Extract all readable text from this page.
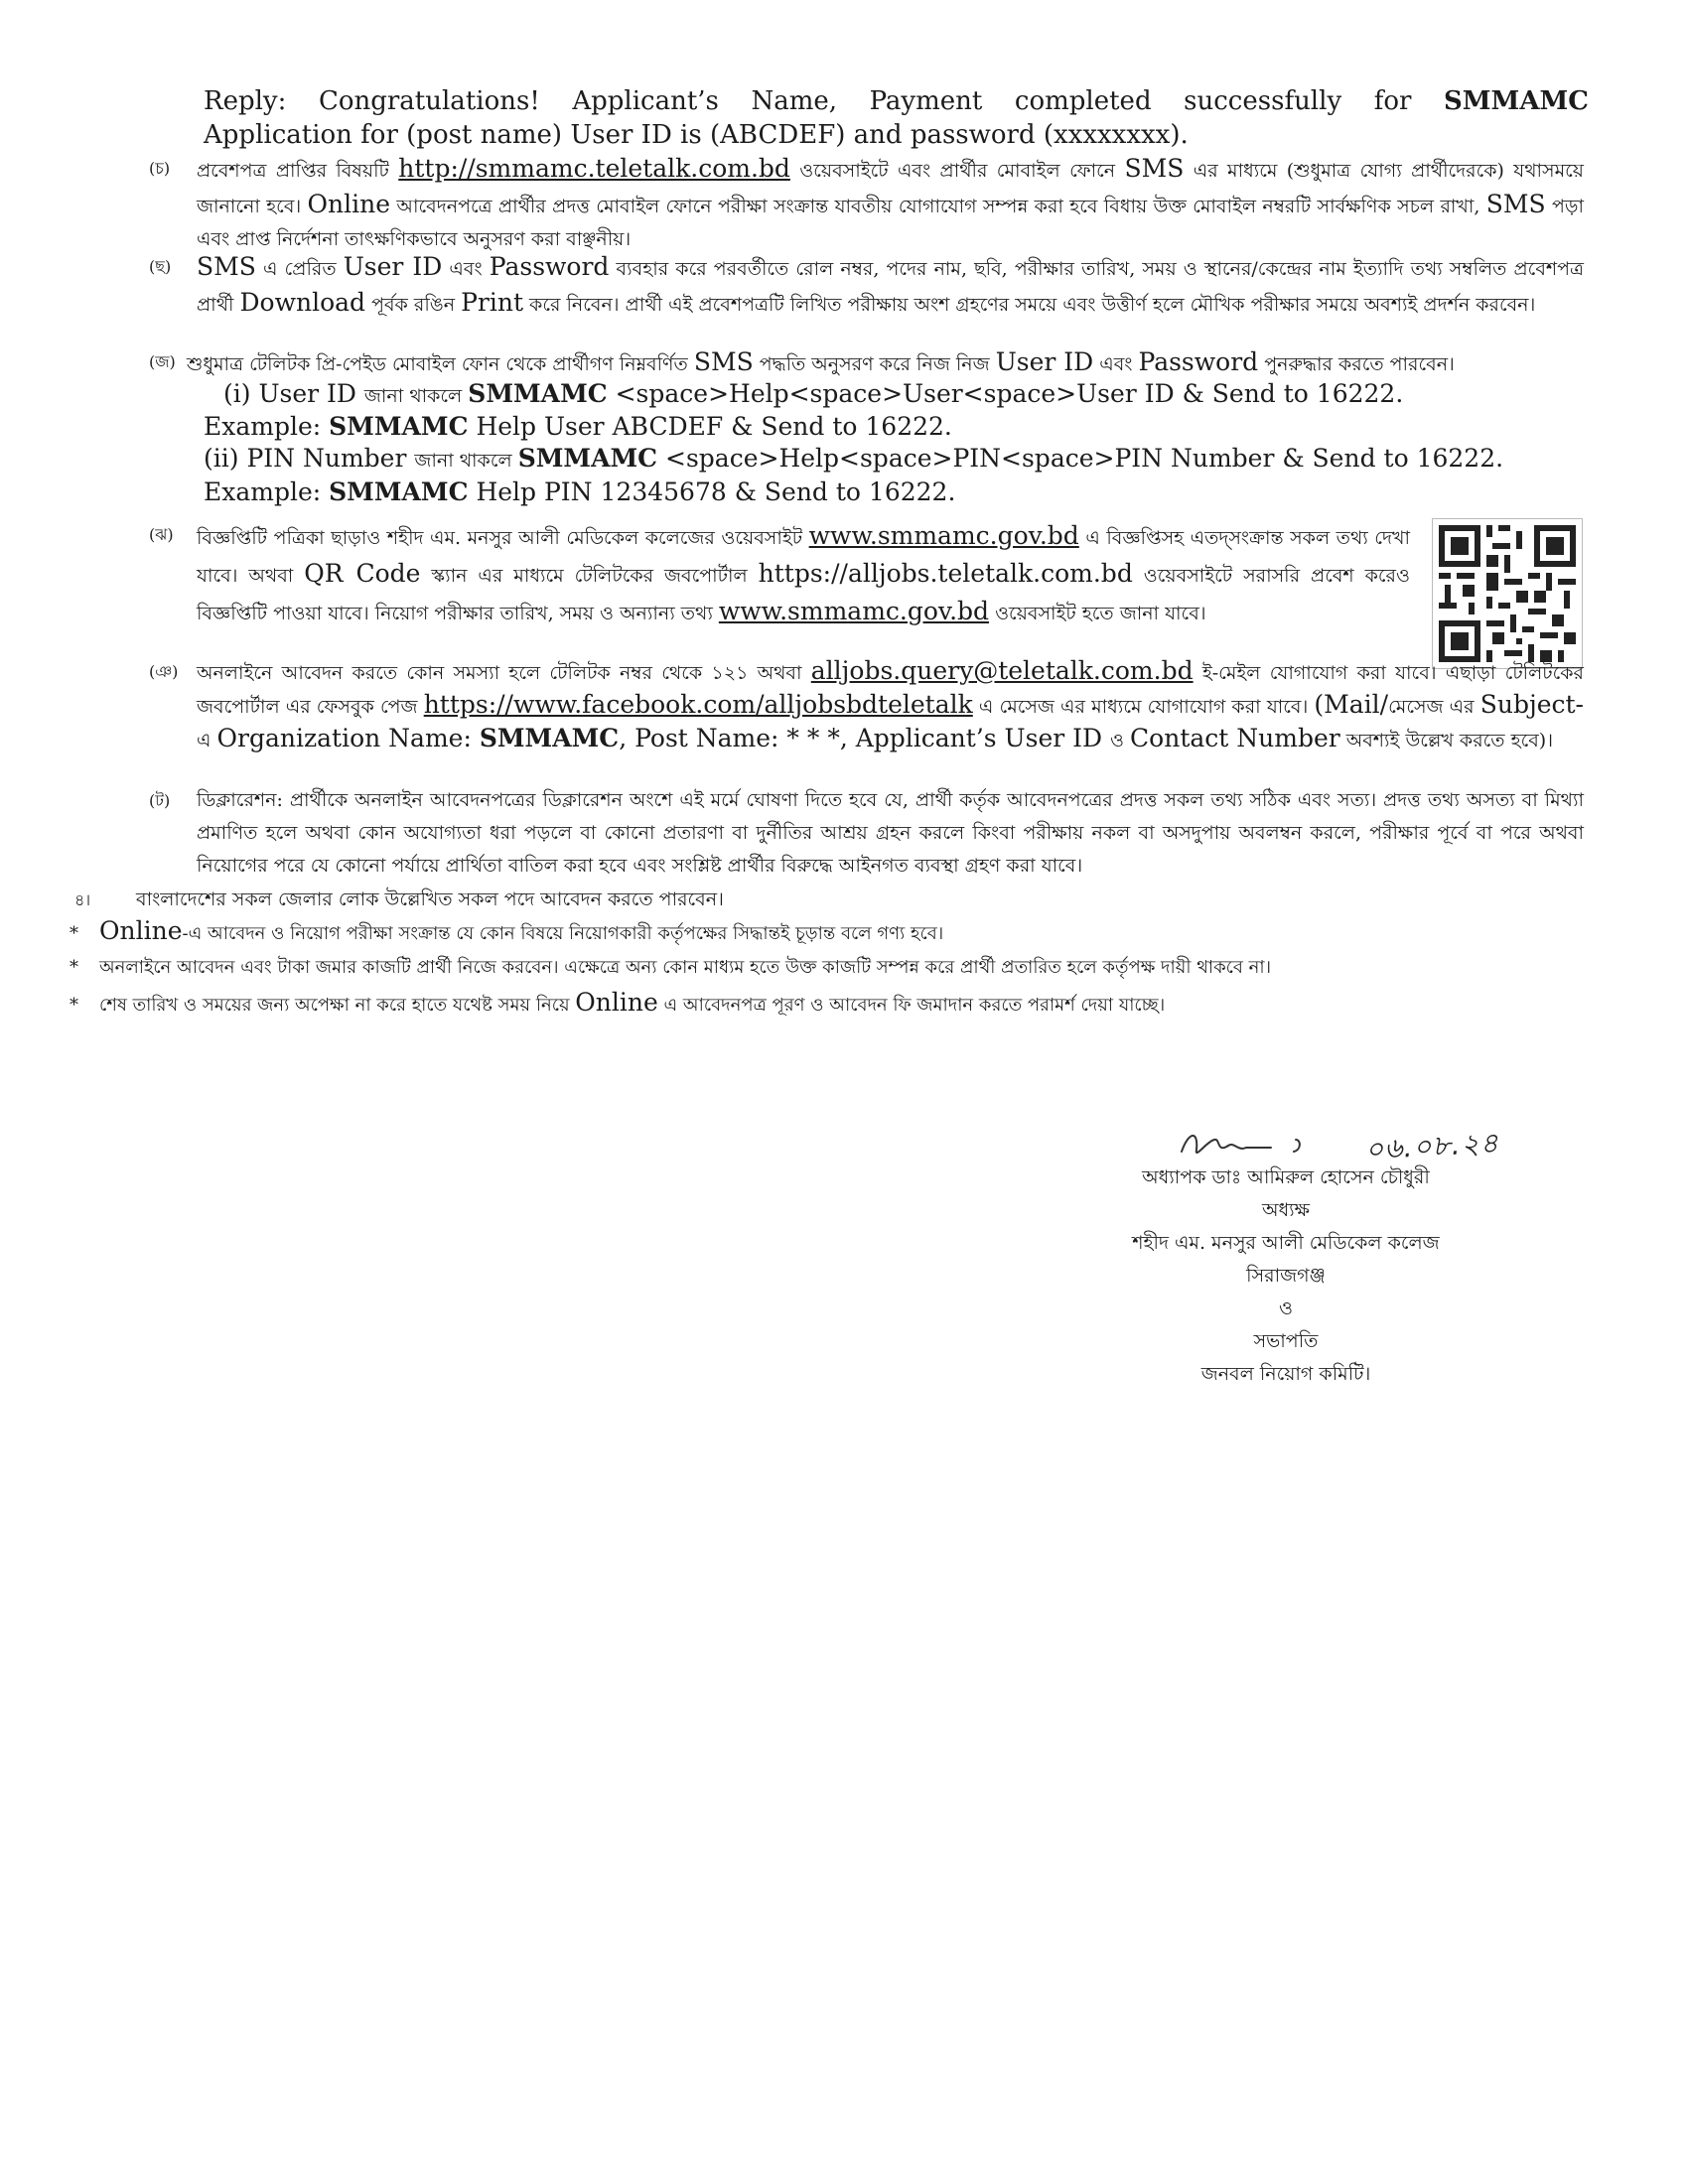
Reply: Congratulations! Applicant’s Name, Payment completed successfully for SMMAMC
Application for (post name) User ID is (ABCDEF) and password (xxxxxxxx).
(চ) প্রবেশপত্র প্রাপ্তির বিষয়টি http://smmamc.teletalk.com.bd ওয়েবসাইটে এবং প্রার্থীর মোবাইল ফোনে SMS এর মাধ্যমে (শুধুমাত্র যোগ্য প্রার্থীদেরকে) যথাসময়ে জানানো হবে। Online আবেদনপত্রে প্রার্থীর প্রদত্ত মোবাইল ফোনে পরীক্ষা সংক্রান্ত যাবতীয় যোগাযোগ সম্পন্ন করা হবে বিধায় উক্ত মোবাইল নম্বরটি সার্বক্ষণিক সচল রাখা, SMS পড়া এবং প্রাপ্ত নির্দেশনা তাৎক্ষণিকভাবে অনুসরণ করা বাঞ্ছনীয়।
(ছ) SMS এ প্রেরিত User ID এবং Password ব্যবহার করে পরবর্তীতে রোল নম্বর, পদের নাম, ছবি, পরীক্ষার তারিখ, সময় ও স্থানের/কেন্দ্রের নাম ইত্যাদি তথ্য সম্বলিত প্রবেশপত্র প্রার্থী Download পূর্বক রঙিন Print করে নিবেন। প্রার্থী এই প্রবেশপত্রটি লিখিত পরীক্ষায় অংশ গ্রহণের সময়ে এবং উত্তীর্ণ হলে মৌখিক পরীক্ষার সময়ে অবশ্যই প্রদর্শন করবেন।
(জ) শুধুমাত্র টেলিটক প্রি-পেইড মোবাইল ফোন থেকে প্রার্থীগণ নিম্নবর্ণিত SMS পদ্ধতি অনুসরণ করে নিজ নিজ User ID এবং Password পুনরুদ্ধার করতে পারবেন।
(i) User ID জানা থাকলে SMMAMC <space>Help<space>User<space>User ID & Send to 16222.
Example: SMMAMC Help User ABCDEF & Send to 16222.
(ii) PIN Number জানা থাকলে SMMAMC <space>Help<space>PIN<space>PIN Number & Send to 16222.
Example: SMMAMC Help PIN 12345678 & Send to 16222.
(ঝ) বিজ্ঞপ্তিটি পত্রিকা ছাড়াও শহীদ এম. মনসুর আলী মেডিকেল কলেজের ওয়েবসাইট www.smmamc.gov.bd এ বিজ্ঞপ্তিসহ এতদ্সংক্রান্ত সকল তথ্য দেখা যাবে। অথবা QR Code স্ক্যান এর মাধ্যমে টেলিটকের জবপোর্টাল https://alljobs.teletalk.com.bd ওয়েবসাইটে সরাসরি প্রবেশ করেও বিজ্ঞপ্তিটি পাওয়া যাবে। নিয়োগ পরীক্ষার তারিখ, সময় ও অন্যান্য তথ্য www.smmamc.gov.bd ওয়েবসাইট হতে জানা যাবে।
(ঞ) অনলাইনে আবেদন করতে কোন সমস্যা হলে টেলিটক নম্বর থেকে ১২১ অথবা alljobs.query@teletalk.com.bd ই-মেইল যোগাযোগ করা যাবে। এছাড়া টেলিটকের জবপোর্টাল এর ফেসবুক পেজ https://www.facebook.com/alljobsbdteletalk এ মেসেজ এর মাধ্যমে যোগাযোগ করা যাবে। (Mail/মেসেজ এর Subject-এ Organization Name: SMMAMC, Post Name: * * *, Applicant’s User ID ও Contact Number অবশ্যই উল্লেখ করতে হবে)।
(ট) ডিক্লারেশন: প্রার্থীকে অনলাইন আবেদনপত্রের ডিক্লারেশন অংশে এই মর্মে ঘোষণা দিতে হবে যে, প্রার্থী কর্তৃক আবেদনপত্রের প্রদত্ত সকল তথ্য সঠিক এবং সত্য। প্রদত্ত তথ্য অসত্য বা মিথ্যা প্রমাণিত হলে অথবা কোন অযোগ্যতা ধরা পড়লে বা কোনো প্রতারণা বা দুর্নীতির আশ্রয় গ্রহন করলে কিংবা পরীক্ষায় নকল বা অসদুপায় অবলম্বন করলে, পরীক্ষার পূর্বে বা পরে অথবা নিয়োগের পরে যে কোনো পর্যায়ে প্রার্থিতা বাতিল করা হবে এবং সংশ্লিষ্ট প্রার্থীর বিরুদ্ধে আইনগত ব্যবস্থা গ্রহণ করা যাবে।
৪। বাংলাদেশের সকল জেলার লোক উল্লেখিত সকল পদে আবেদন করতে পারবেন।
* Online-এ আবেদন ও নিয়োগ পরীক্ষা সংক্রান্ত যে কোন বিষয়ে নিয়োগকারী কর্তৃপক্ষের সিদ্ধান্তই চূড়ান্ত বলে গণ্য হবে।
* অনলাইনে আবেদন এবং টাকা জমার কাজটি প্রার্থী নিজে করবেন। এক্ষেত্রে অন্য কোন মাধ্যম হতে উক্ত কাজটি সম্পন্ন করে প্রার্থী প্রতারিত হলে কর্তৃপক্ষ দায়ী থাকবে না।
* শেষ তারিখ ও সময়ের জন্য অপেক্ষা না করে হাতে যথেষ্ট সময় নিয়ে Online এ আবেদনপত্র পূরণ ও আবেদন ফি জমাদান করতে পরামর্শ দেয়া যাচ্ছে।
০৬.০৮.২৪
অধ্যাপক ডাঃ আমিরুল হোসেন চৌধুরী
অধ্যক্ষ
শহীদ এম. মনসুর আলী মেডিকেল কলেজ
সিরাজগঞ্জ
ও
সভাপতি
জনবল নিয়োগ কমিটি।
